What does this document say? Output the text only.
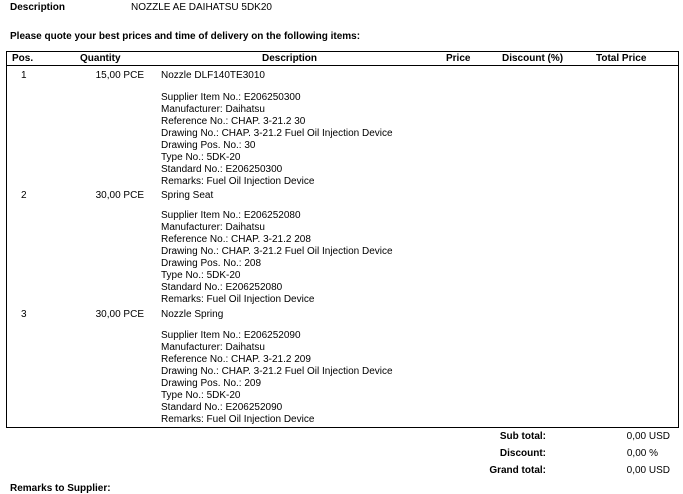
Description	NOZZLE AE DAIHATSU 5DK20
Please quote your best prices and time of delivery on the following items:
Pos.	Quantity	Description	Price	Discount (%)	Total Price
1	15,00 PCE Nozzle DLF140TE3010
Supplier Item No.: E206250300
Manufacturer: Daihatsu
Reference No.: CHAP. 3-21.2 30
Drawing No.: CHAP. 3-21.2 Fuel Oil Injection Device
Drawing Pos. No.: 30
Type No.: 5DK-20
Standard No.: E206250300
Remarks: Fuel Oil Injection Device
2	30,00 PCE Spring Seat
Supplier Item No.: E206252080
Manufacturer: Daihatsu
Reference No.: CHAP. 3-21.2 208
Drawing No.: CHAP. 3-21.2 Fuel Oil Injection Device
Drawing Pos. No.: 208
Type No.: 5DK-20
Standard No.: E206252080
Remarks: Fuel Oil Injection Device
3	30,00 PCE Nozzle Spring
Supplier Item No.: E206252090
Manufacturer: Daihatsu
Reference No.: CHAP. 3-21.2 209
Drawing No.: CHAP. 3-21.2 Fuel Oil Injection Device
Drawing Pos. No.: 209
Type No.: 5DK-20
Standard No.: E206252090
Remarks: Fuel Oil Injection Device
Sub total:	0,00 USD
Discount:	0,00 %
Grand total:	0,00 USD
Remarks to Supplier:
